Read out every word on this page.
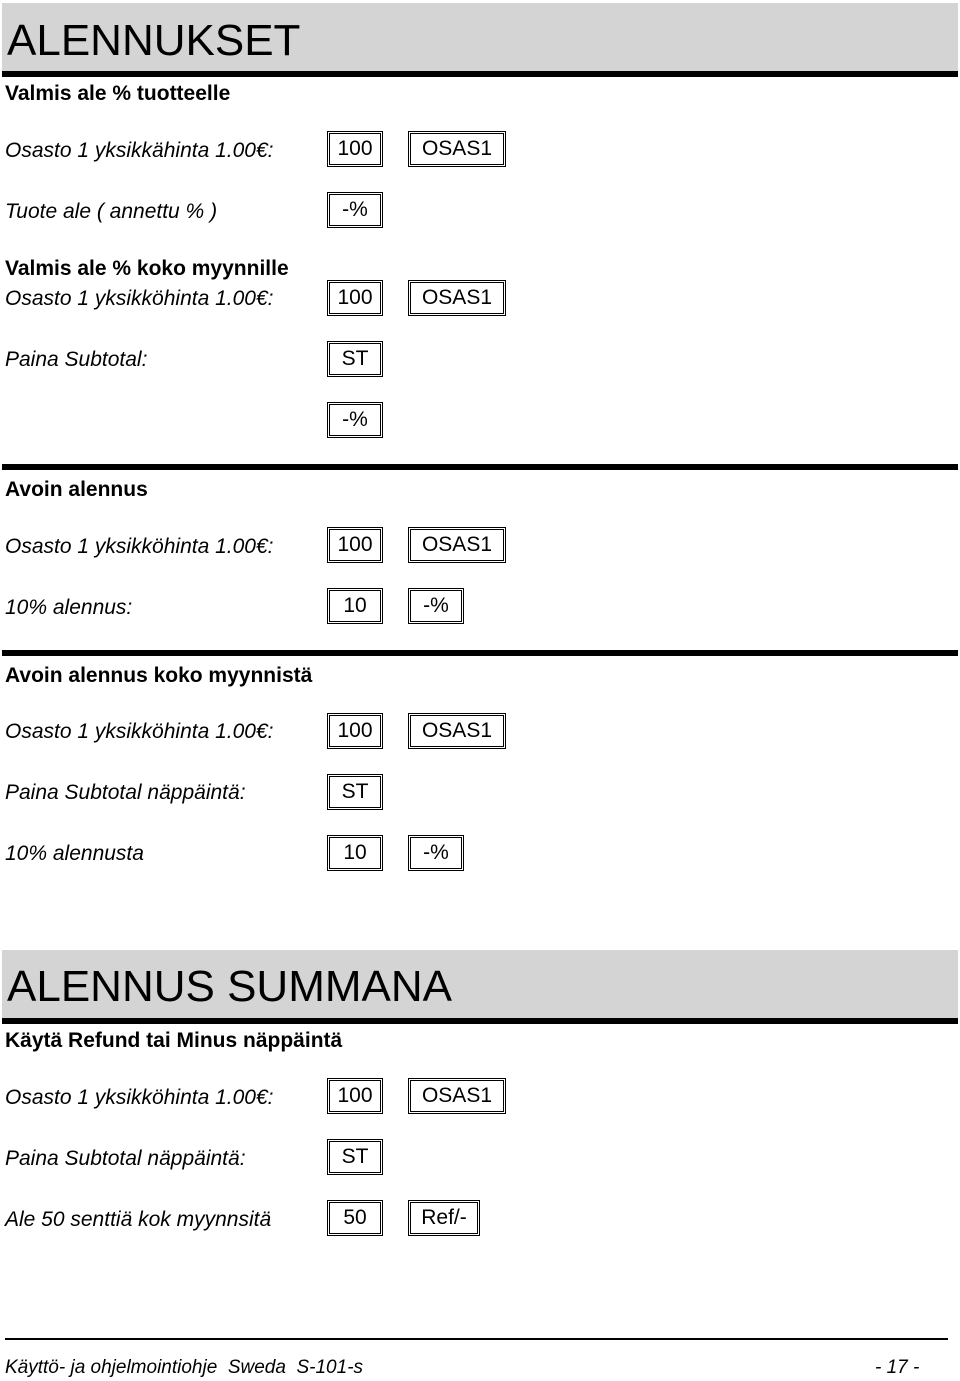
ALENNUKSET
Valmis ale % tuotteelle
Osasto 1 yksikkähinta 1.00€:	100	OSAS1
Tuote ale ( annettu % )	-%
Valmis ale % koko myynnille
Osasto 1 yksikköhinta 1.00€:	100	OSAS1
Paina Subtotal:	ST
-%
Avoin alennus
Osasto 1 yksikköhinta 1.00€:	100	OSAS1
10% alennus:	10	-%
Avoin alennus koko myynnistä
Osasto 1 yksikköhinta 1.00€:	100	OSAS1
Paina Subtotal näppäintä:	ST
10% alennusta	10	-%
ALENNUS SUMMANA
Käytä Refund tai Minus näppäintä
Osasto 1 yksikköhinta 1.00€:	100	OSAS1
Paina Subtotal näppäintä:	ST
Ale 50 senttiä kok myynnsitä	50	Ref/-
Käyttö- ja ohjelmointiohje  Sweda  S-101-s	- 17 -
